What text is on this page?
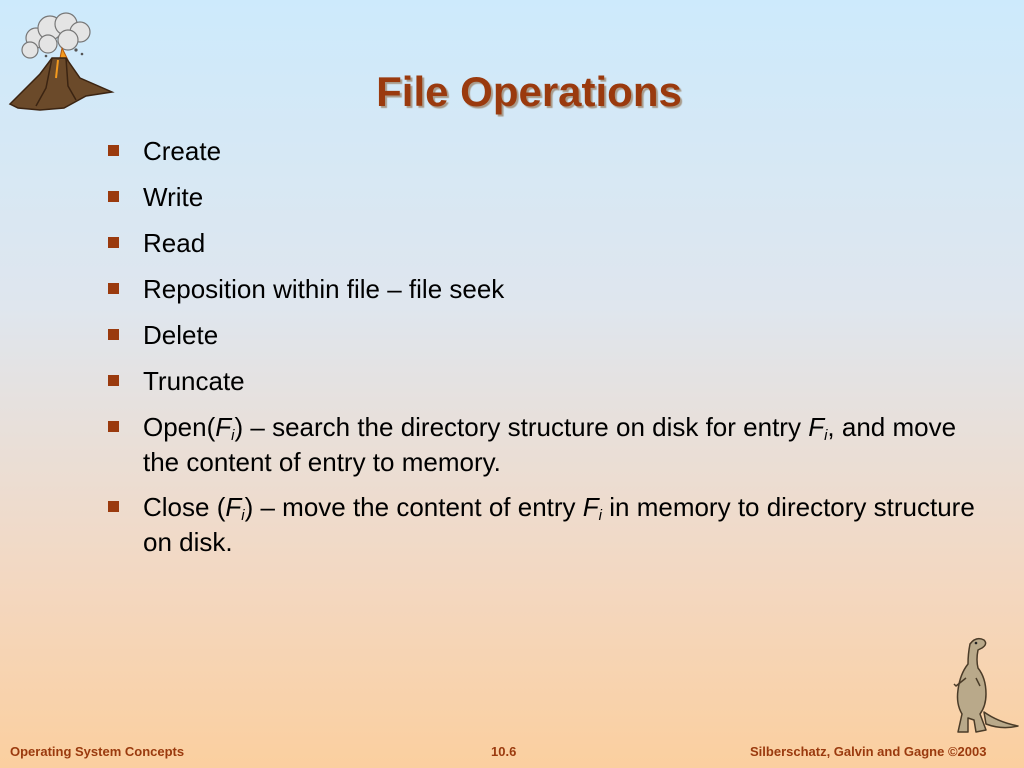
File Operations
Create
Write
Read
Reposition within file – file seek
Delete
Truncate
$Open(F_i)$ – search the directory structure on disk for entry $F_i$, and move the content of entry to memory.
Close $(F_i)$ – move the content of entry $F_i$ in memory to directory structure on disk.
Operating System Concepts	10.6	Silberschatz, Galvin and Gagne ©2003
